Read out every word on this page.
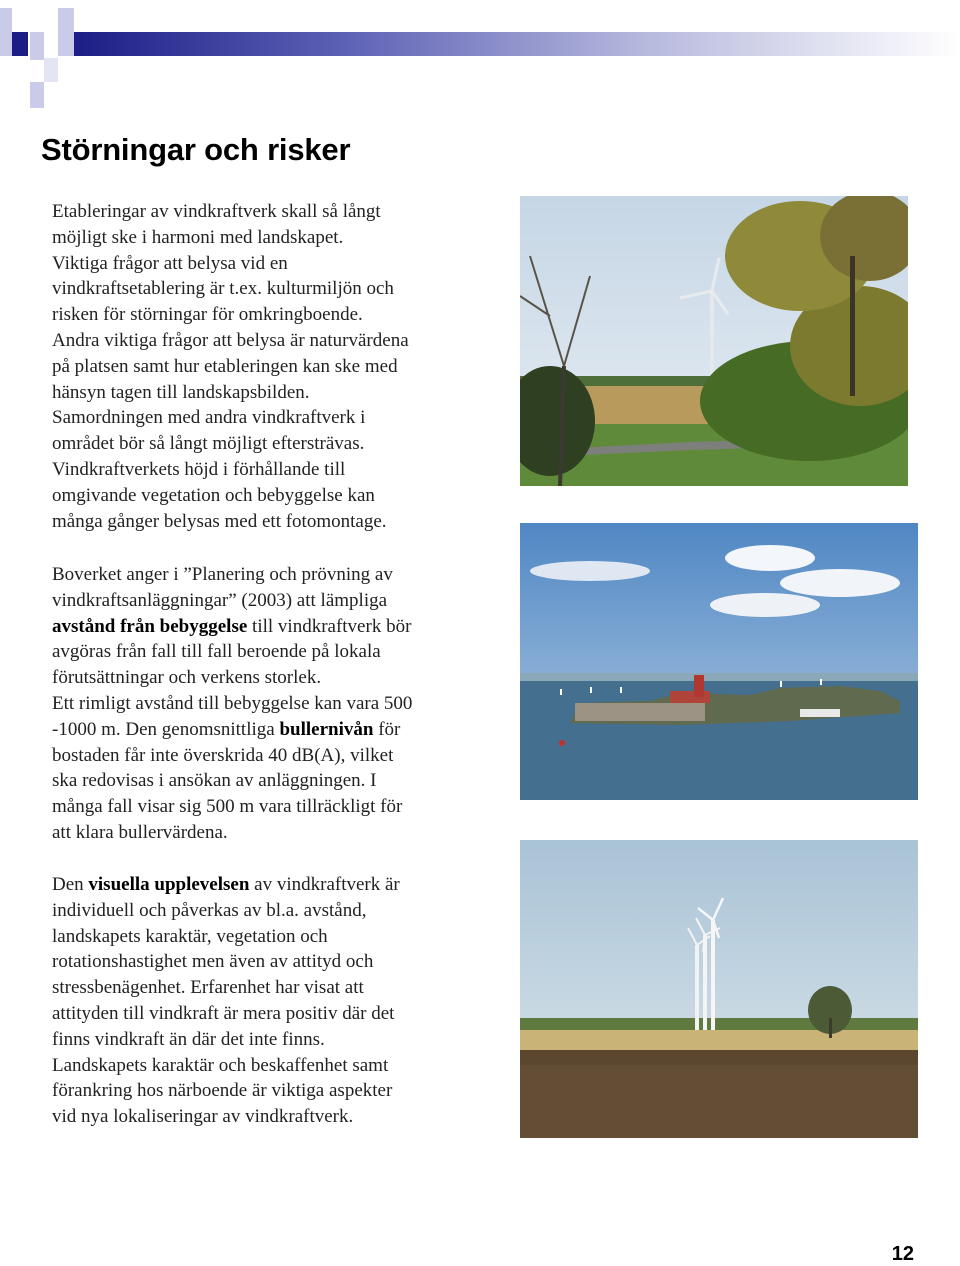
Störningar och risker

Etableringar av vindkraftverk skall så långt
möjligt ske i harmoni med landskapet.
Viktiga frågor att belysa vid en
vindkraftsetablering är t.ex. kulturmiljön och
risken för störningar för omkringboende.
Andra viktiga frågor att belysa är naturvärdena
på platsen samt hur etableringen kan ske med
hänsyn tagen till landskapsbilden.
Samordningen med andra vindkraftverk i
området bör så långt möjligt eftersträvas.
Vindkraftverkets höjd i förhållande till
omgivande vegetation och bebyggelse kan
många gånger belysas med ett fotomontage.

Boverket anger i ”Planering och prövning av
vindkraftsanläggningar” (2003) att lämpliga
avstånd från bebyggelse till vindkraftverk bör
avgöras från fall till fall beroende på lokala
förutsättningar och verkens storlek.
Ett rimligt avstånd till bebyggelse kan vara 500
-1000 m. Den genomsnittliga bullernivån för
bostaden får inte överskrida 40 dB(A), vilket
ska redovisas i ansökan av anläggningen. I
många fall visar sig 500 m vara tillräckligt för
att klara bullervärdena.

Den visuella upplevelsen av vindkraftverk är
individuell och påverkas av bl.a. avstånd,
landskapets karaktär, vegetation och
rotationshastighet men även av attityd och
stressbenägenhet. Erfarenhet har visat att
attityden till vindkraft är mera positiv där det
finns vindkraft än där det inte finns.
Landskapets karaktär och beskaffenhet samt
förankring hos närboende är viktiga aspekter
vid nya lokaliseringar av vindkraftverk.

12
